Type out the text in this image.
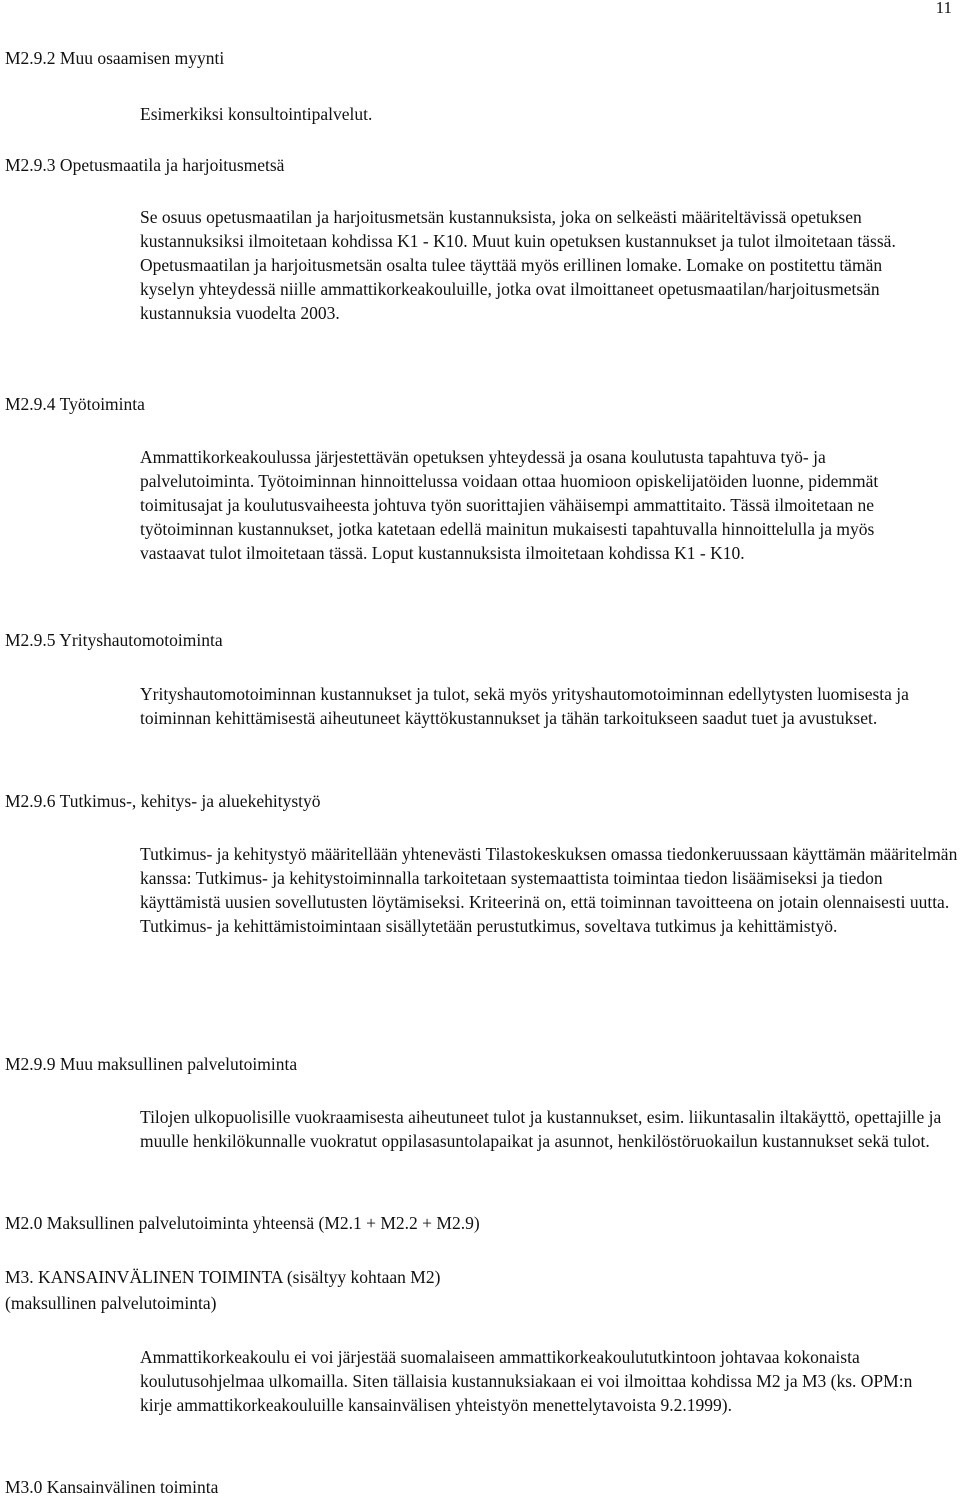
11
M2.9.2 Muu osaamisen myynti

Esimerkiksi konsultointipalvelut.

M2.9.3 Opetusmaatila ja harjoitusmetsä

Se osuus opetusmaatilan ja harjoitusmetsän kustannuksista, joka on selkeästi määriteltävissä opetuksen kustannuksiksi ilmoitetaan kohdissa K1 - K10. Muut kuin opetuksen kustannukset ja tulot ilmoitetaan tässä. Opetusmaatilan ja harjoitusmetsän osalta tulee täyttää myös erillinen lomake. Lomake on postitettu tämän kyselyn yhteydessä niille ammattikorkeakouluille, jotka ovat ilmoittaneet opetusmaatilan/harjoitusmetsän kustannuksia vuodelta 2003.

M2.9.4 Työtoiminta

Ammattikorkeakoulussa järjestettävän opetuksen yhteydessä ja osana koulutusta tapahtuva työ- ja palvelutoiminta. Työtoiminnan hinnoittelussa voidaan ottaa huomioon opiskelijatöiden luonne, pidemmät toimitusajat ja koulutusvaiheesta johtuva työn suorittajien vähäisempi ammattitaito. Tässä ilmoitetaan ne työtoiminnan kustannukset, jotka katetaan edellä mainitun mukaisesti tapahtuvalla hinnoittelulla ja myös vastaavat tulot ilmoitetaan tässä. Loput kustannuksista ilmoitetaan kohdissa K1 - K10.

M2.9.5 Yrityshautomotoiminta

Yrityshautomotoiminnan kustannukset ja tulot, sekä myös yrityshautomotoiminnan edellytysten luomisesta ja toiminnan kehittämisestä aiheutuneet käyttökustannukset ja tähän tarkoitukseen saadut tuet ja avustukset.

M2.9.6 Tutkimus-, kehitys- ja aluekehitystyö

Tutkimus- ja kehitystyö määritellään yhtenevästi Tilastokeskuksen omassa tiedonkeruussaan käyttämän määritelmän kanssa: Tutkimus- ja kehitystoiminnalla tarkoitetaan systemaattista toimintaa tiedon lisäämiseksi ja tiedon käyttämistä uusien sovellutusten löytämiseksi. Kriteerinä on, että toiminnan tavoitteena on jotain olennaisesti uutta. Tutkimus- ja kehittämistoimintaan sisällytetään perustutkimus, soveltava tutkimus ja kehittämistyö.

M2.9.9 Muu maksullinen palvelutoiminta

Tilojen ulkopuolisille vuokraamisesta aiheutuneet tulot ja kustannukset, esim. liikuntasalin iltakäyttö, opettajille ja muulle henkilökunnalle vuokratut oppilasasuntolapaikat ja asunnot, henkilöstöruokailun kustannukset sekä tulot.

M2.0 Maksullinen palvelutoiminta yhteensä (M2.1 + M2.2 + M2.9)
M3. KANSAINVÄLINEN TOIMINTA (sisältyy kohtaan M2)
(maksullinen palvelutoiminta)

Ammattikorkeakoulu ei voi järjestää suomalaiseen ammattikorkeakoulututkintoon johtavaa kokonaista koulutusohjelmaa ulkomailla. Siten tällaisia kustannuksiakaan ei voi ilmoittaa kohdissa M2 ja M3 (ks. OPM:n kirje ammattikorkeakouluille kansainvälisen yhteistyön menettelytavoista 9.2.1999).

M3.0 Kansainvälinen toiminta
